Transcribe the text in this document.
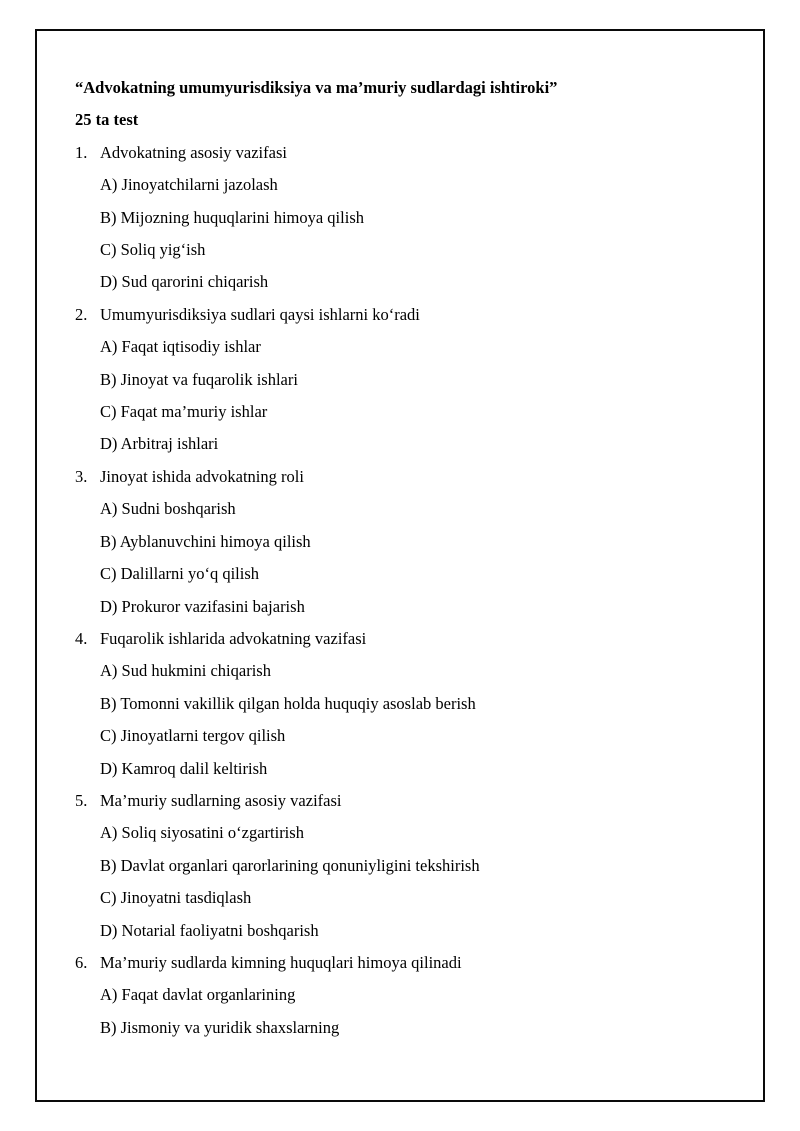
“Advokatning umumyurisdiksiya va ma’muriy sudlardagi ishtiroki”

25 ta test

1. Advokatning asosiy vazifasi
A) Jinoyatchilarni jazolash
B) Mijozning huquqlarini himoya qilish
C) Soliq yig‘ish
D) Sud qarorini chiqarish
2. Umumyurisdiksiya sudlari qaysi ishlarni ko‘radi
A) Faqat iqtisodiy ishlar
B) Jinoyat va fuqarolik ishlari
C) Faqat ma’muriy ishlar
D) Arbitraj ishlari
3. Jinoyat ishida advokatning roli
A) Sudni boshqarish
B) Ayblanuvchini himoya qilish
C) Dalillarni yo‘q qilish
D) Prokuror vazifasini bajarish
4. Fuqarolik ishlarida advokatning vazifasi
A) Sud hukmini chiqarish
B) Tomonni vakillik qilgan holda huquqiy asoslab berish
C) Jinoyatlarni tergov qilish
D) Kamroq dalil keltirish
5. Ma’muriy sudlarning asosiy vazifasi
A) Soliq siyosatini o‘zgartirish
B) Davlat organlari qarorlarining qonuniyligini tekshirish
C) Jinoyatni tasdiqlash
D) Notarial faoliyatni boshqarish
6. Ma’muriy sudlarda kimning huquqlari himoya qilinadi
A) Faqat davlat organlarining
B) Jismoniy va yuridik shaxslarning
